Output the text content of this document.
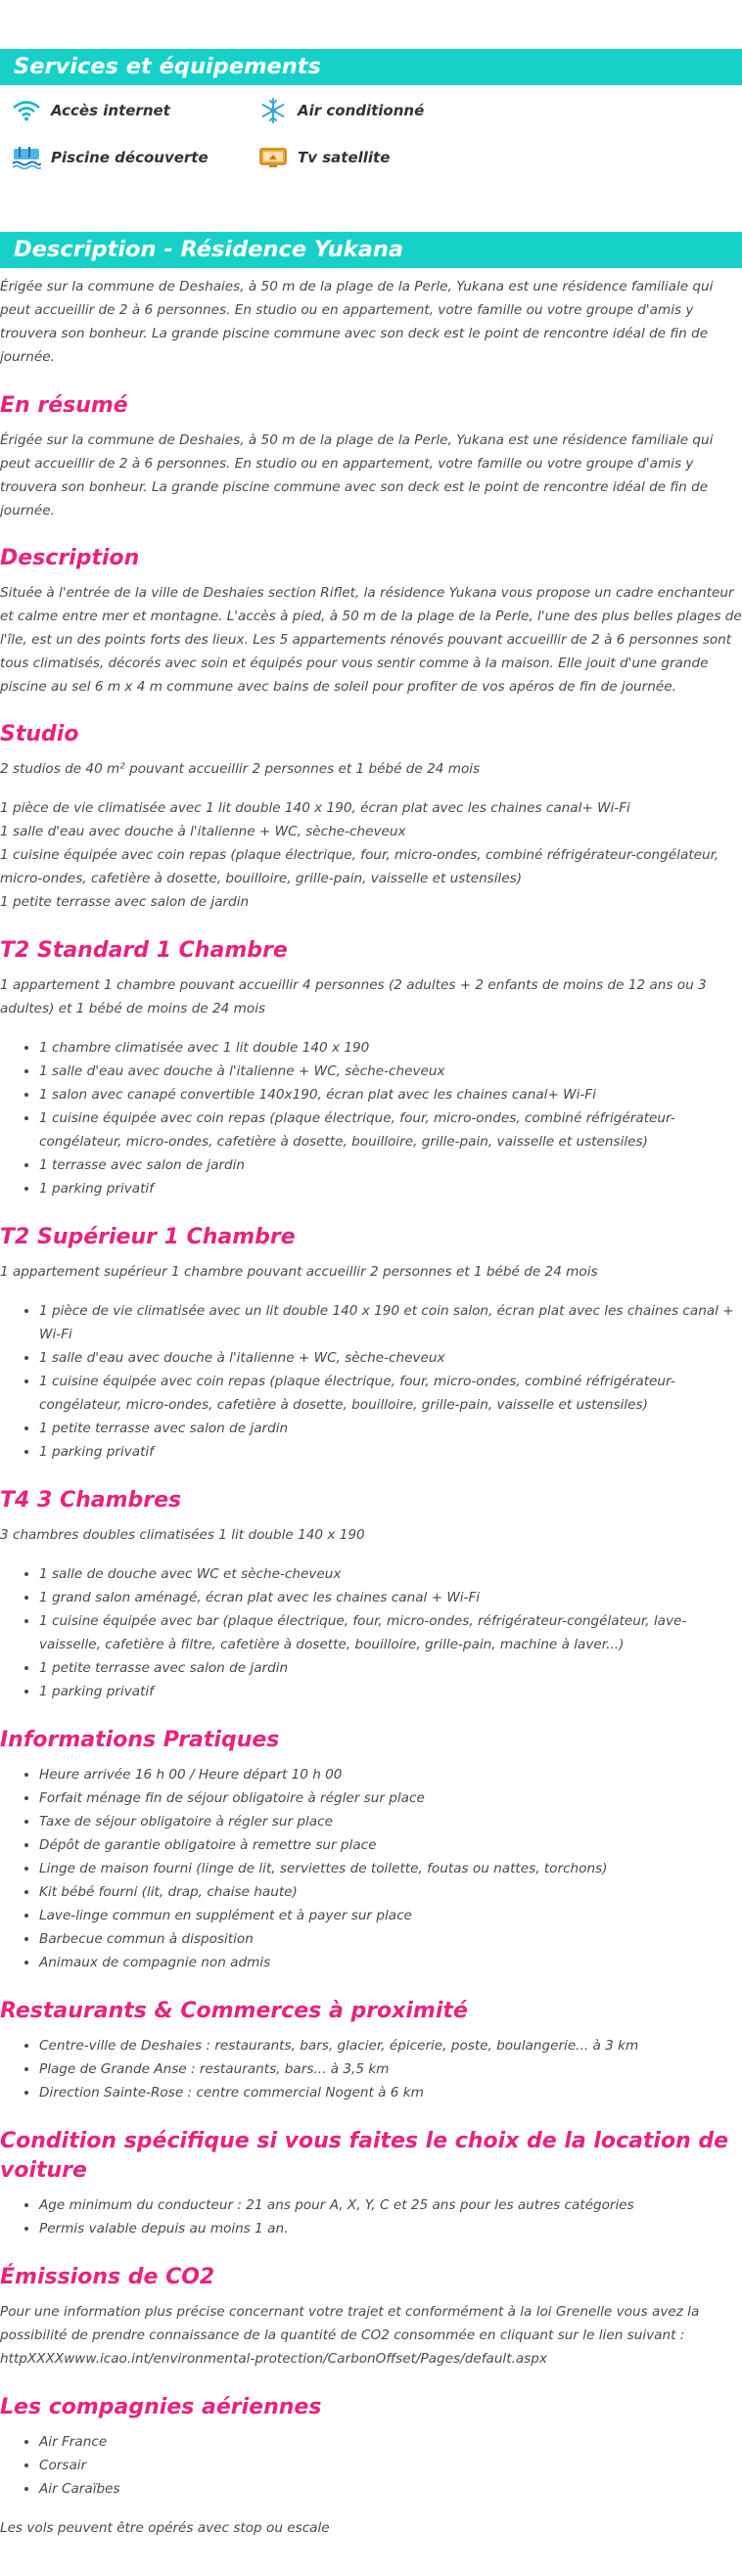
Services et équipements
Accès internet	Air conditionné
Piscine découverte	Tv satellite
Description - Résidence Yukana

Érigée sur la commune de Deshaies, à 50 m de la plage de la Perle, Yukana est une résidence familiale qui peut accueillir de 2 à 6 personnes. En studio ou en appartement, votre famille ou votre groupe d'amis y trouvera son bonheur. La grande piscine commune avec son deck est le point de rencontre idéal de fin de journée.

En résumé

Érigée sur la commune de Deshaies, à 50 m de la plage de la Perle, Yukana est une résidence familiale qui peut accueillir de 2 à 6 personnes. En studio ou en appartement, votre famille ou votre groupe d'amis y trouvera son bonheur. La grande piscine commune avec son deck est le point de rencontre idéal de fin de journée.

Description

Située à l'entrée de la ville de Deshaies section Riflet, la résidence Yukana vous propose un cadre enchanteur et calme entre mer et montagne. L'accès à pied, à 50 m de la plage de la Perle, l'une des plus belles plages de l'île, est un des points forts des lieux. Les 5 appartements rénovés pouvant accueillir de 2 à 6 personnes sont tous climatisés, décorés avec soin et équipés pour vous sentir comme à la maison. Elle jouit d'une grande piscine au sel 6 m x 4 m commune avec bains de soleil pour profiter de vos apéros de fin de journée.

Studio

2 studios de 40 m² pouvant accueillir 2 personnes et 1 bébé de 24 mois

1 pièce de vie climatisée avec 1 lit double 140 x 190, écran plat avec les chaines canal+ Wi-Fi

1 salle d'eau avec douche à l'italienne + WC, sèche-cheveux

1 cuisine équipée avec coin repas (plaque électrique, four, micro-ondes, combiné réfrigérateur-congélateur, micro-ondes, cafetière à dosette, bouilloire, grille-pain, vaisselle et ustensiles)

1 petite terrasse avec salon de jardin

T2 Standard 1 Chambre

1 appartement 1 chambre pouvant accueillir 4 personnes (2 adultes + 2 enfants de moins de 12 ans ou 3 adultes) et 1 bébé de moins de 24 mois

• 1 chambre climatisée avec 1 lit double 140 x 190
• 1 salle d'eau avec douche à l'italienne + WC, sèche-cheveux
• 1 salon avec canapé convertible 140x190, écran plat avec les chaines canal+ Wi-Fi
• 1 cuisine équipée avec coin repas (plaque électrique, four, micro-ondes, combiné réfrigérateur-congélateur, micro-ondes, cafetière à dosette, bouilloire, grille-pain, vaisselle et ustensiles)
• 1 terrasse avec salon de jardin
• 1 parking privatif
T2 Supérieur 1 Chambre

1 appartement supérieur 1 chambre pouvant accueillir 2 personnes et 1 bébé de 24 mois

• 1 pièce de vie climatisée avec un lit double 140 x 190 et coin salon, écran plat avec les chaines canal + Wi-Fi
• 1 salle d'eau avec douche à l'italienne + WC, sèche-cheveux
• 1 cuisine équipée avec coin repas (plaque électrique, four, micro-ondes, combiné réfrigérateur-congélateur, micro-ondes, cafetière à dosette, bouilloire, grille-pain, vaisselle et ustensiles)
• 1 petite terrasse avec salon de jardin
• 1 parking privatif
T4 3 Chambres

3 chambres doubles climatisées 1 lit double 140 x 190

• 1 salle de douche avec WC et sèche-cheveux
• 1 grand salon aménagé, écran plat avec les chaines canal + Wi-Fi
• 1 cuisine équipée avec bar (plaque électrique, four, micro-ondes, réfrigérateur-congélateur, lave-vaisselle, cafetière à filtre, cafetière à dosette, bouilloire, grille-pain, machine à laver...)
• 1 petite terrasse avec salon de jardin
• 1 parking privatif
Informations Pratiques
• Heure arrivée 16 h 00 / Heure départ 10 h 00
• Forfait ménage fin de séjour obligatoire à régler sur place
• Taxe de séjour obligatoire à régler sur place
• Dépôt de garantie obligatoire à remettre sur place
• Linge de maison fourni (linge de lit, serviettes de toilette, foutas ou nattes, torchons)
• Kit bébé fourni (lit, drap, chaise haute)
• Lave-linge commun en supplément et à payer sur place
• Barbecue commun à disposition
• Animaux de compagnie non admis
Restaurants & Commerces à proximité
• Centre-ville de Deshaies : restaurants, bars, glacier, épicerie, poste, boulangerie... à 3 km
• Plage de Grande Anse : restaurants, bars... à 3,5 km
• Direction Sainte-Rose : centre commercial Nogent à 6 km
Condition spécifique si vous faites le choix de la location de voiture
• Age minimum du conducteur : 21 ans pour A, X, Y, C et 25 ans pour les autres catégories
• Permis valable depuis au moins 1 an.
Émissions de CO2

Pour une information plus précise concernant votre trajet et conformément à la loi Grenelle vous avez la possibilité de prendre connaissance de la quantité de CO2 consommée en cliquant sur le lien suivant : httpXXXXwww.icao.int/environmental-protection/CarbonOffset/Pages/default.aspx

Les compagnies aériennes
• Air France
• Corsair
• Air Caraïbes

Les vols peuvent être opérés avec stop ou escale
